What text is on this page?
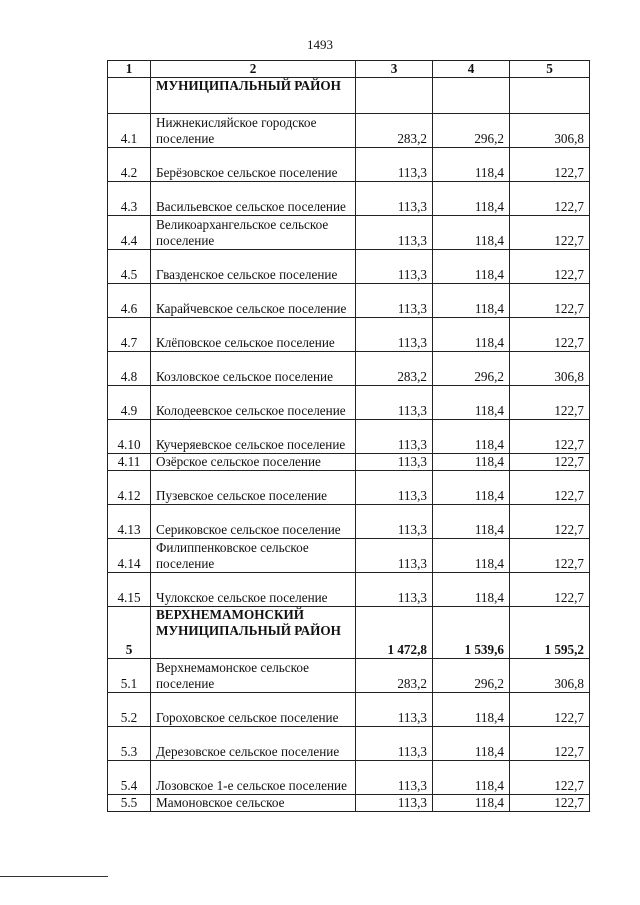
1493
1	2	3	4	5
	МУНИЦИПАЛЬНЫЙ РАЙОН			
4.1	Нижнекисляйское городское поселение	283,2	296,2	306,8
4.2	Берёзовское сельское поселение	113,3	118,4	122,7
4.3	Васильевское сельское поселение	113,3	118,4	122,7
4.4	Великоархангельское сельское поселение	113,3	118,4	122,7
4.5	Гвазденское сельское поселение	113,3	118,4	122,7
4.6	Карайчевское сельское поселение	113,3	118,4	122,7
4.7	Клёповское сельское поселение	113,3	118,4	122,7
4.8	Козловское сельское поселение	283,2	296,2	306,8
4.9	Колодеевское сельское поселение	113,3	118,4	122,7
4.10	Кучеряевское сельское поселение	113,3	118,4	122,7
4.11	Озёрское сельское поселение	113,3	118,4	122,7
4.12	Пузевское сельское поселение	113,3	118,4	122,7
4.13	Сериковское сельское поселение	113,3	118,4	122,7
4.14	Филиппенковское сельское поселение	113,3	118,4	122,7
4.15	Чулокское сельское поселение	113,3	118,4	122,7
5	ВЕРХНЕМАМОНСКИЙ МУНИЦИПАЛЬНЫЙ РАЙОН	1 472,8	1 539,6	1 595,2
5.1	Верхнемамонское сельское поселение	283,2	296,2	306,8
5.2	Гороховское сельское поселение	113,3	118,4	122,7
5.3	Дерезовское сельское поселение	113,3	118,4	122,7
5.4	Лозовское 1-е сельское поселение	113,3	118,4	122,7
5.5	Мамоновское сельское	113,3	118,4	122,7
